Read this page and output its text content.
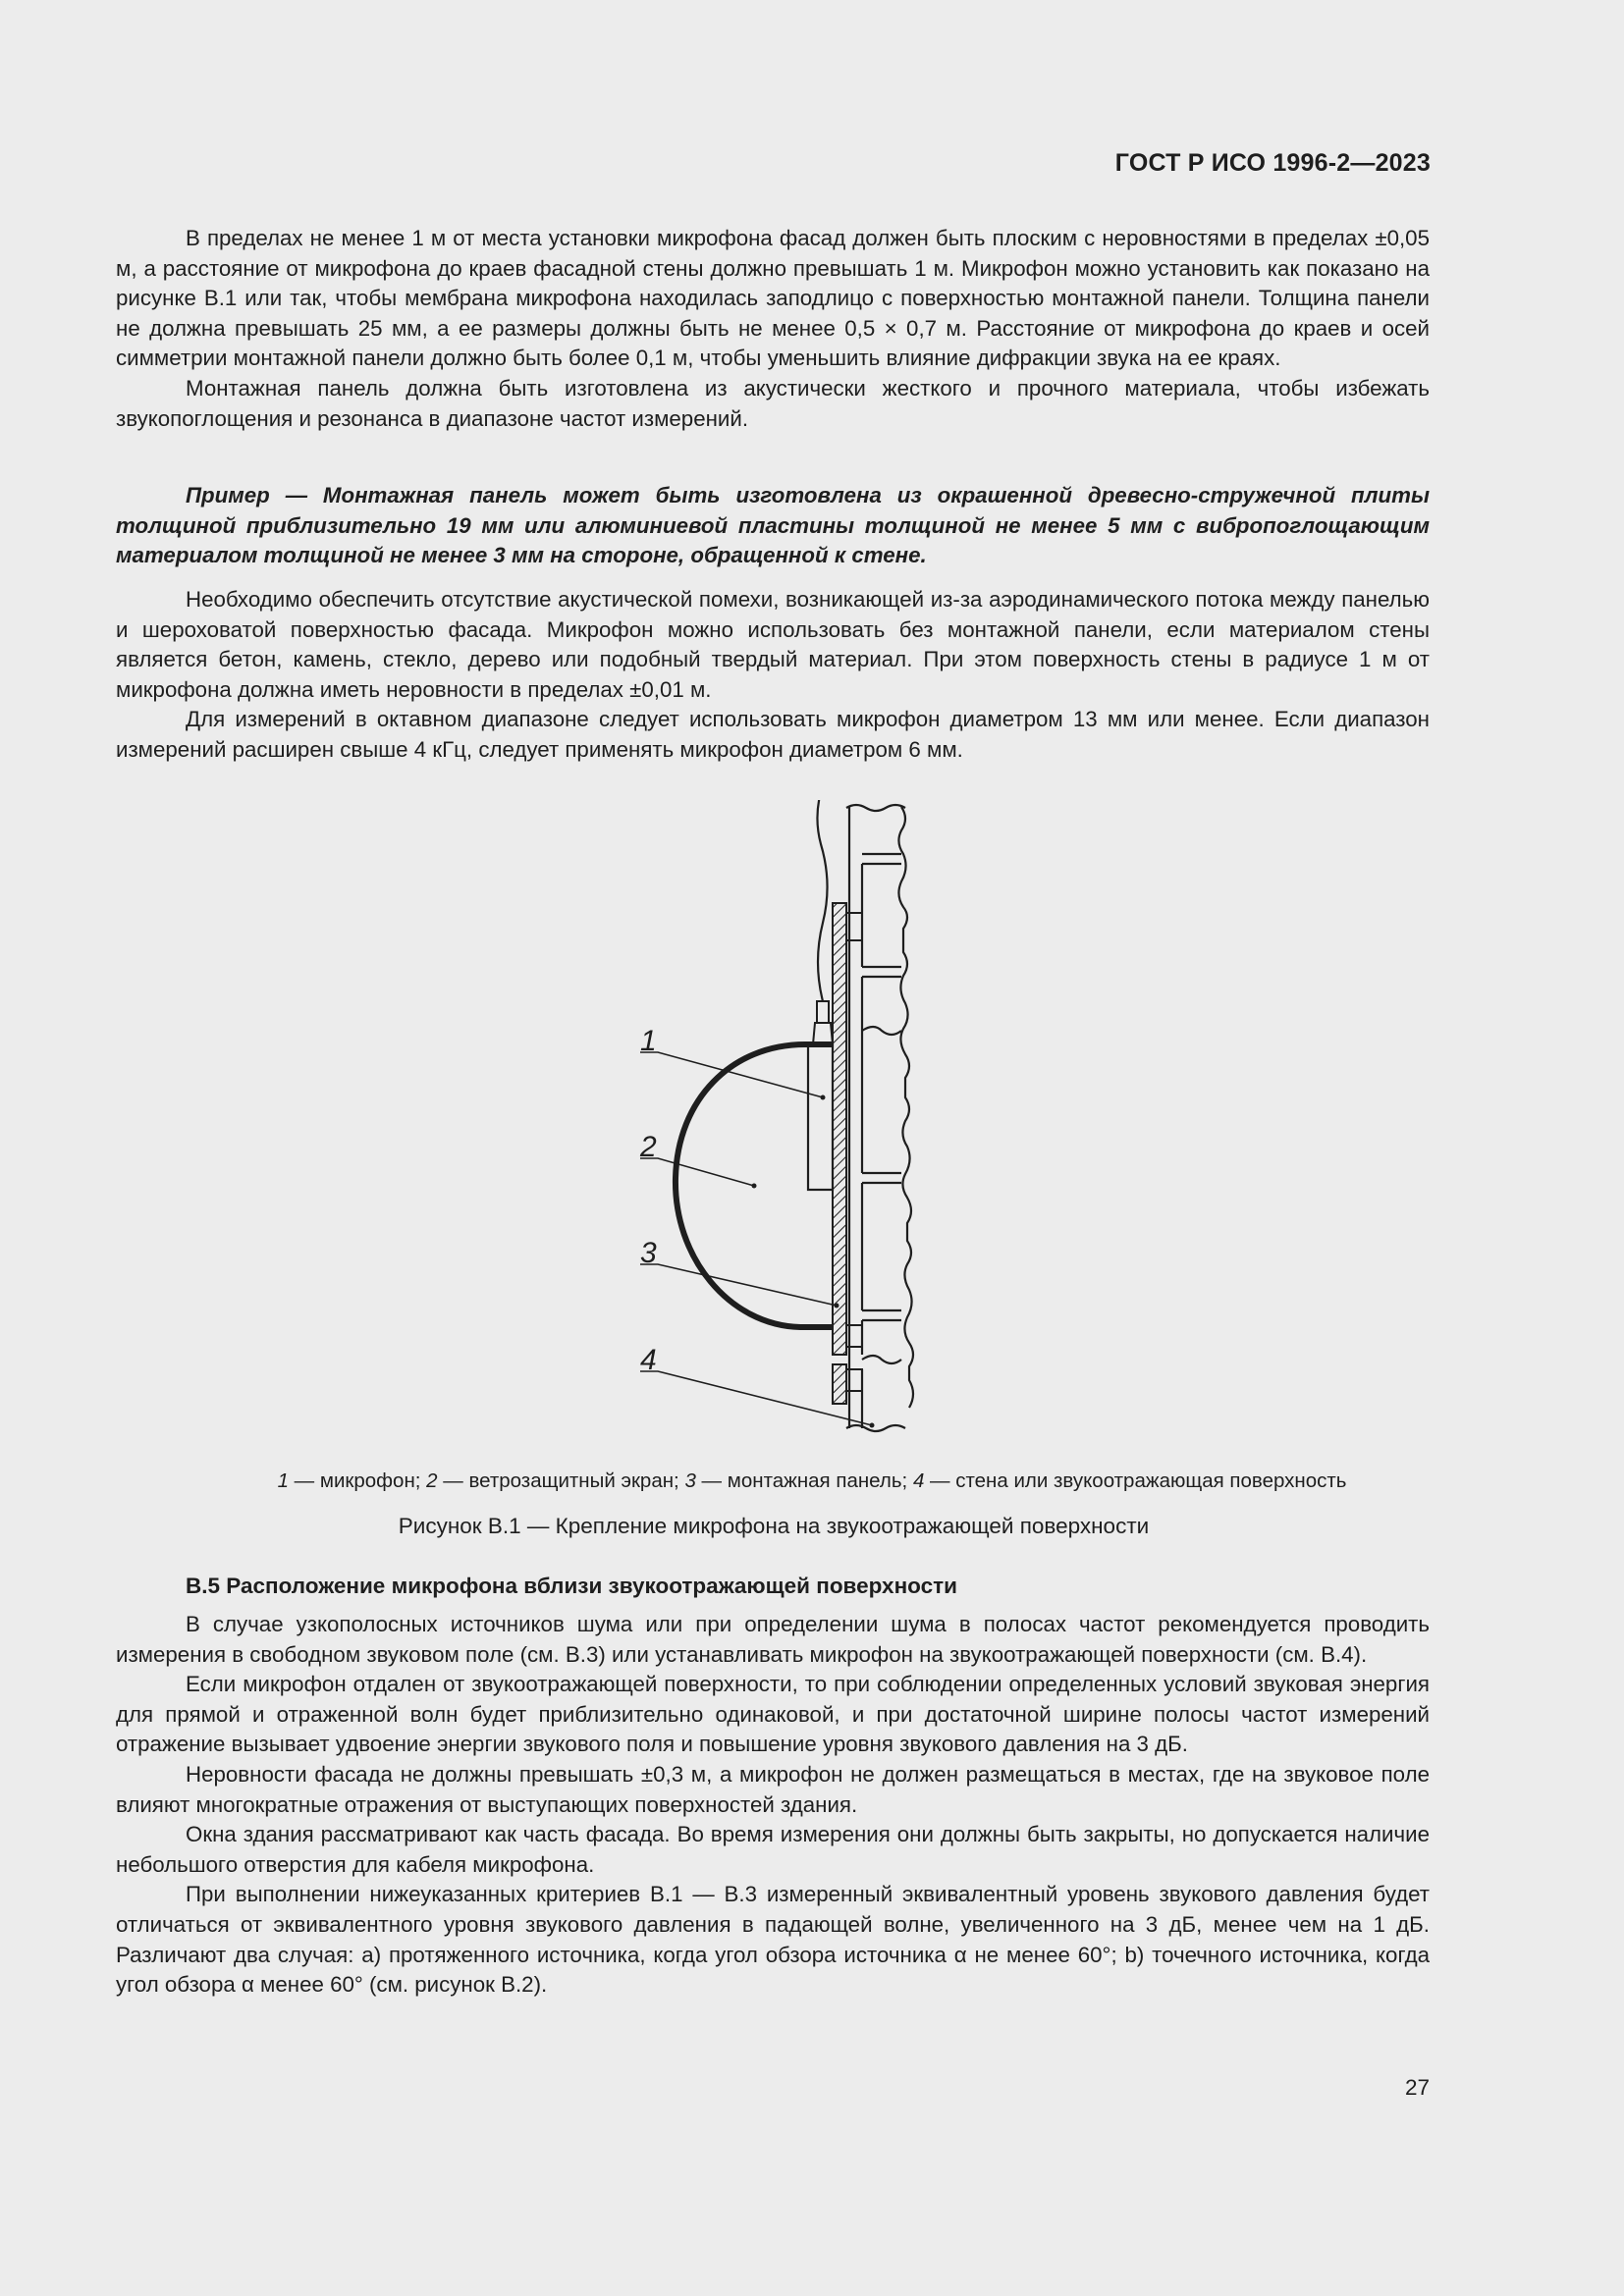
ГОСТ Р ИСО 1996-2—2023

В пределах не менее 1 м от места установки микрофона фасад должен быть плоским с неровностями в пределах ±0,05 м, а расстояние от микрофона до краев фасадной стены должно превышать 1 м. Микрофон можно установить как показано на рисунке В.1 или так, чтобы мембрана микрофона находилась заподлицо с поверхностью монтажной панели. Толщина панели не должна превышать 25 мм, а ее размеры должны быть не менее 0,5 × 0,7 м. Расстояние от микрофона до краев и осей симметрии монтажной панели должно быть более 0,1 м, чтобы уменьшить влияние дифракции звука на ее краях.

Монтажная панель должна быть изготовлена из акустически жесткого и прочного материала, чтобы избежать звукопоглощения и резонанса в диапазоне частот измерений.

Пример — Монтажная панель может быть изготовлена из окрашенной древесно-стружечной плиты толщиной приблизительно 19 мм или алюминиевой пластины толщиной не менее 5 мм с вибропоглощающим материалом толщиной не менее 3 мм на стороне, обращенной к стене.

Необходимо обеспечить отсутствие акустической помехи, возникающей из-за аэродинамического потока между панелью и шероховатой поверхностью фасада. Микрофон можно использовать без монтажной панели, если материалом стены является бетон, камень, стекло, дерево или подобный твердый материал. При этом поверхность стены в радиусе 1 м от микрофона должна иметь неровности в пределах ±0,01 м.

Для измерений в октавном диапазоне следует использовать микрофон диаметром 13 мм или менее. Если диапазон измерений расширен свыше 4 кГц, следует применять микрофон диаметром 6 мм.

1
2
3
4
1 — микрофон; 2 — ветрозащитный экран; 3 — монтажная панель; 4 — стена или звукоотражающая поверхность
Рисунок В.1 — Крепление микрофона на звукоотражающей поверхности
В.5 Расположение микрофона вблизи звукоотражающей поверхности

В случае узкополосных источников шума или при определении шума в полосах частот рекомендуется проводить измерения в свободном звуковом поле (см. В.3) или устанавливать микрофон на звукоотражающей поверхности (см. В.4).

Если микрофон отдален от звукоотражающей поверхности, то при соблюдении определенных условий звуковая энергия для прямой и отраженной волн будет приблизительно одинаковой, и при достаточной ширине полосы частот измерений отражение вызывает удвоение энергии звукового поля и повышение уровня звукового давления на 3 дБ.

Неровности фасада не должны превышать ±0,3 м, а микрофон не должен размещаться в местах, где на звуковое поле влияют многократные отражения от выступающих поверхностей здания.

Окна здания рассматривают как часть фасада. Во время измерения они должны быть закрыты, но допускается наличие небольшого отверстия для кабеля микрофона.

При выполнении нижеуказанных критериев В.1 — В.3 измеренный эквивалентный уровень звукового давления будет отличаться от эквивалентного уровня звукового давления в падающей волне, увеличенного на 3 дБ, менее чем на 1 дБ. Различают два случая: a) протяженного источника, когда угол обзора источника α не менее 60°; b) точечного источника, когда угол обзора α менее 60° (см. рисунок В.2).

27
